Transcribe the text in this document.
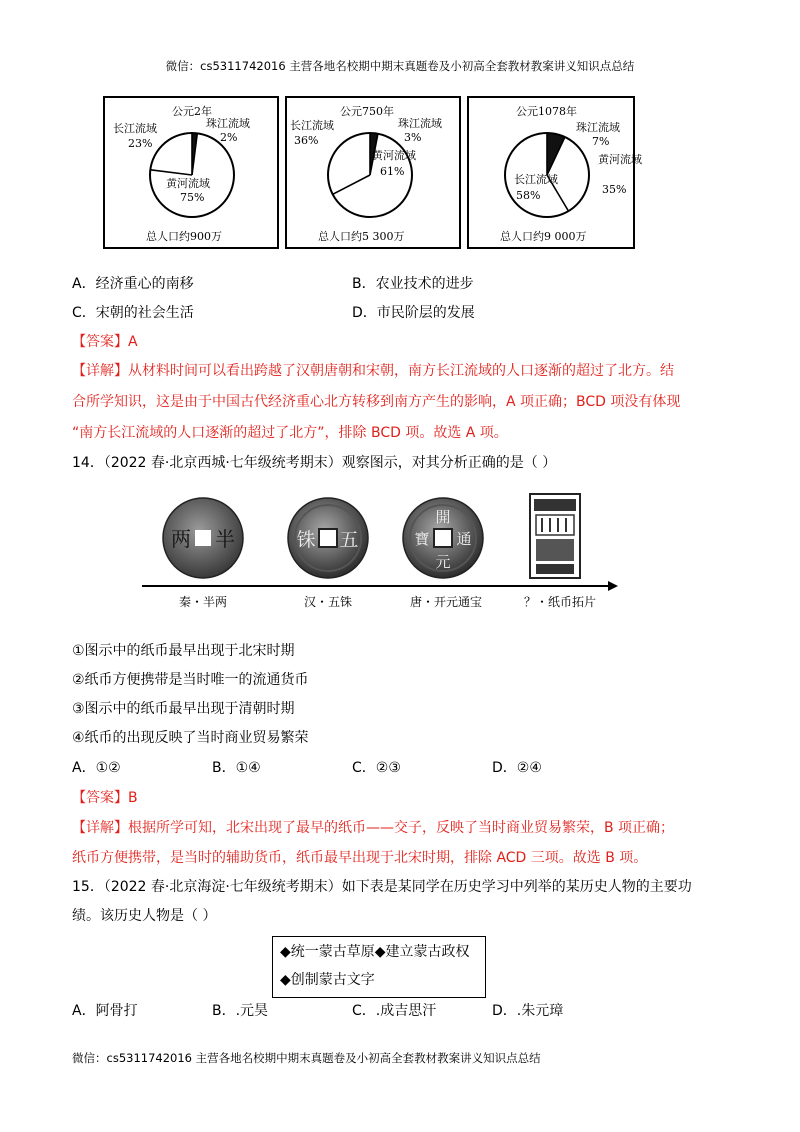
微信：cs5311742016 主营各地名校期中期末真题卷及小初高全套教材教案讲义知识点总结
公元2年
长江流域
23%
珠江流域
2%
黄河流域
75%
总人口约900万
公元750年
长江流域
36%
珠江流域
3%
黄河流域
61%
总人口约5 300万
公元1078年
珠江流域
7%
黄河流域
35%
长江流域
58%
总人口约9 000万
A．经济重心的南移	B．农业技术的进步
C．宋朝的社会生活	D．市民阶层的发展
【答案】A
【详解】从材料时间可以看出跨越了汉朝唐朝和宋朝，南方长江流域的人口逐渐的超过了北方。结
合所学知识，这是由于中国古代经济重心北方转移到南方产生的影响，A 项正确；BCD 项没有体现
“南方长江流域的人口逐渐的超过了北方”，排除 BCD 项。故选 A 项。
14．（2022 春·北京西城·七年级统考期末）观察图示，对其分析正确的是（ ）
半
两	五
铢
開
元
通
寶
秦・半两	汉・五铢	唐・开元通宝	？・纸币拓片
①图示中的纸币最早出现于北宋时期
②纸币方便携带是当时唯一的流通货币
③图示中的纸币最早出现于清朝时期
④纸币的出现反映了当时商业贸易繁荣
A．①②	B．①④	C．②③	D．②④
【答案】B
【详解】根据所学可知，北宋出现了最早的纸币——交子，反映了当时商业贸易繁荣，B 项正确；
纸币方便携带，是当时的辅助货币，纸币最早出现于北宋时期，排除 ACD 三项。故选 B 项。
15．（2022 春·北京海淀·七年级统考期末）如下表是某同学在历史学习中列举的某历史人物的主要功
绩。该历史人物是（ ）
◆统一蒙古草原◆建立蒙古政权
◆创制蒙古文字
A．阿骨打	B．.元昊	C．.成吉思汗	D．.朱元璋
微信：cs5311742016 主营各地名校期中期末真题卷及小初高全套教材教案讲义知识点总结
